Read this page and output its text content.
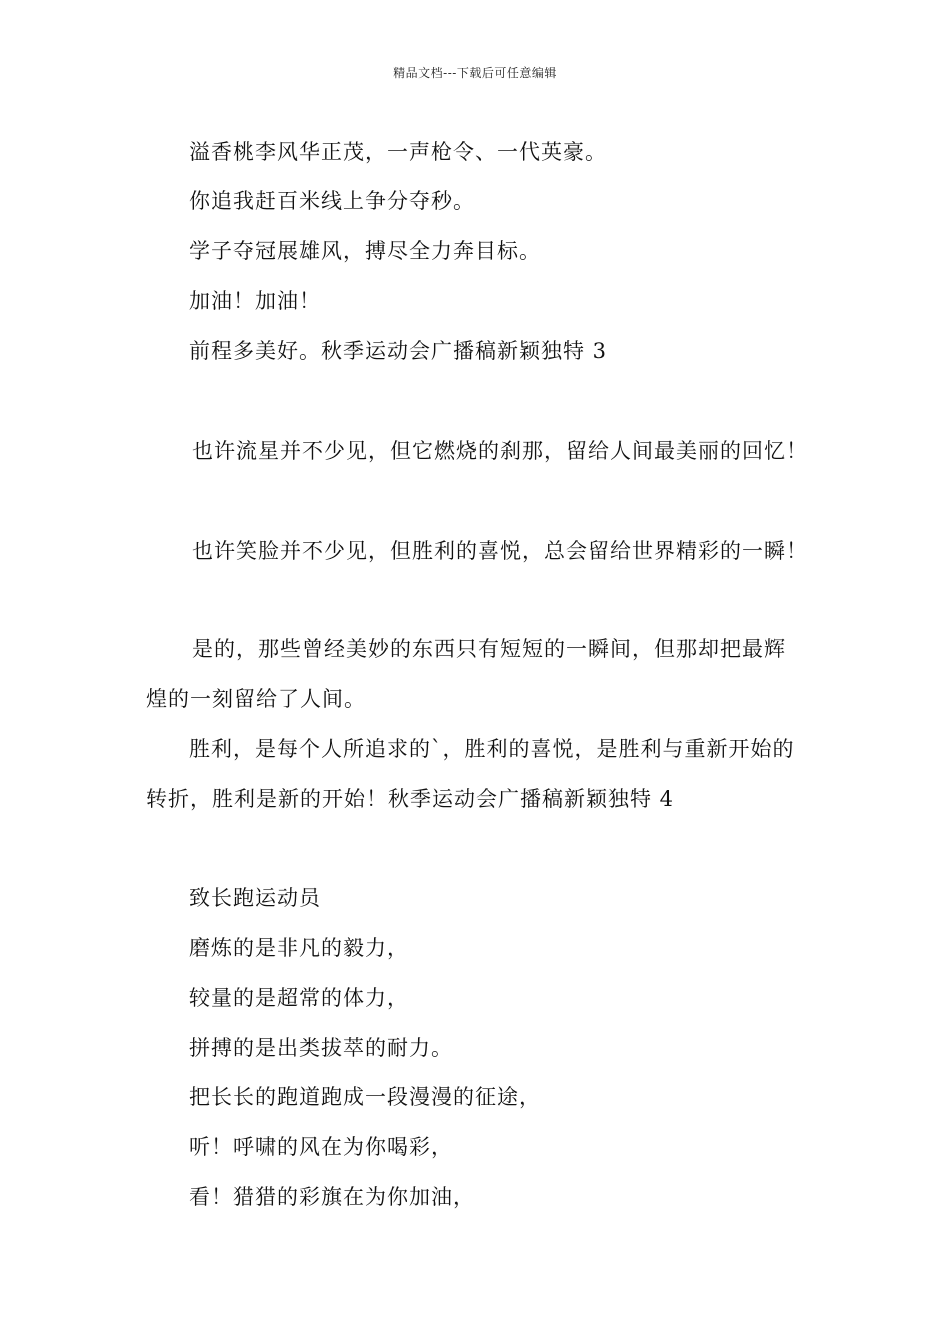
精品文档---下载后可任意编辑
溢香桃李风华正茂，一声枪令、一代英豪。
你追我赶百米线上争分夺秒。
学子夺冠展雄风，搏尽全力奔目标。
加油！加油！
前程多美好。秋季运动会广播稿新颖独特 3
也许流星并不少见，但它燃烧的刹那，留给人间最美丽的回忆！
也许笑脸并不少见，但胜利的喜悦，总会留给世界精彩的一瞬！
是的，那些曾经美妙的东西只有短短的一瞬间，但那却把最辉
煌的一刻留给了人间。
胜利，是每个人所追求的`，胜利的喜悦，是胜利与重新开始的
转折，胜利是新的开始！秋季运动会广播稿新颖独特 4
致长跑运动员
磨炼的是非凡的毅力，
较量的是超常的体力，
拼搏的是出类拔萃的耐力。
把长长的跑道跑成一段漫漫的征途，
听！呼啸的风在为你喝彩，
看！猎猎的彩旗在为你加油，
